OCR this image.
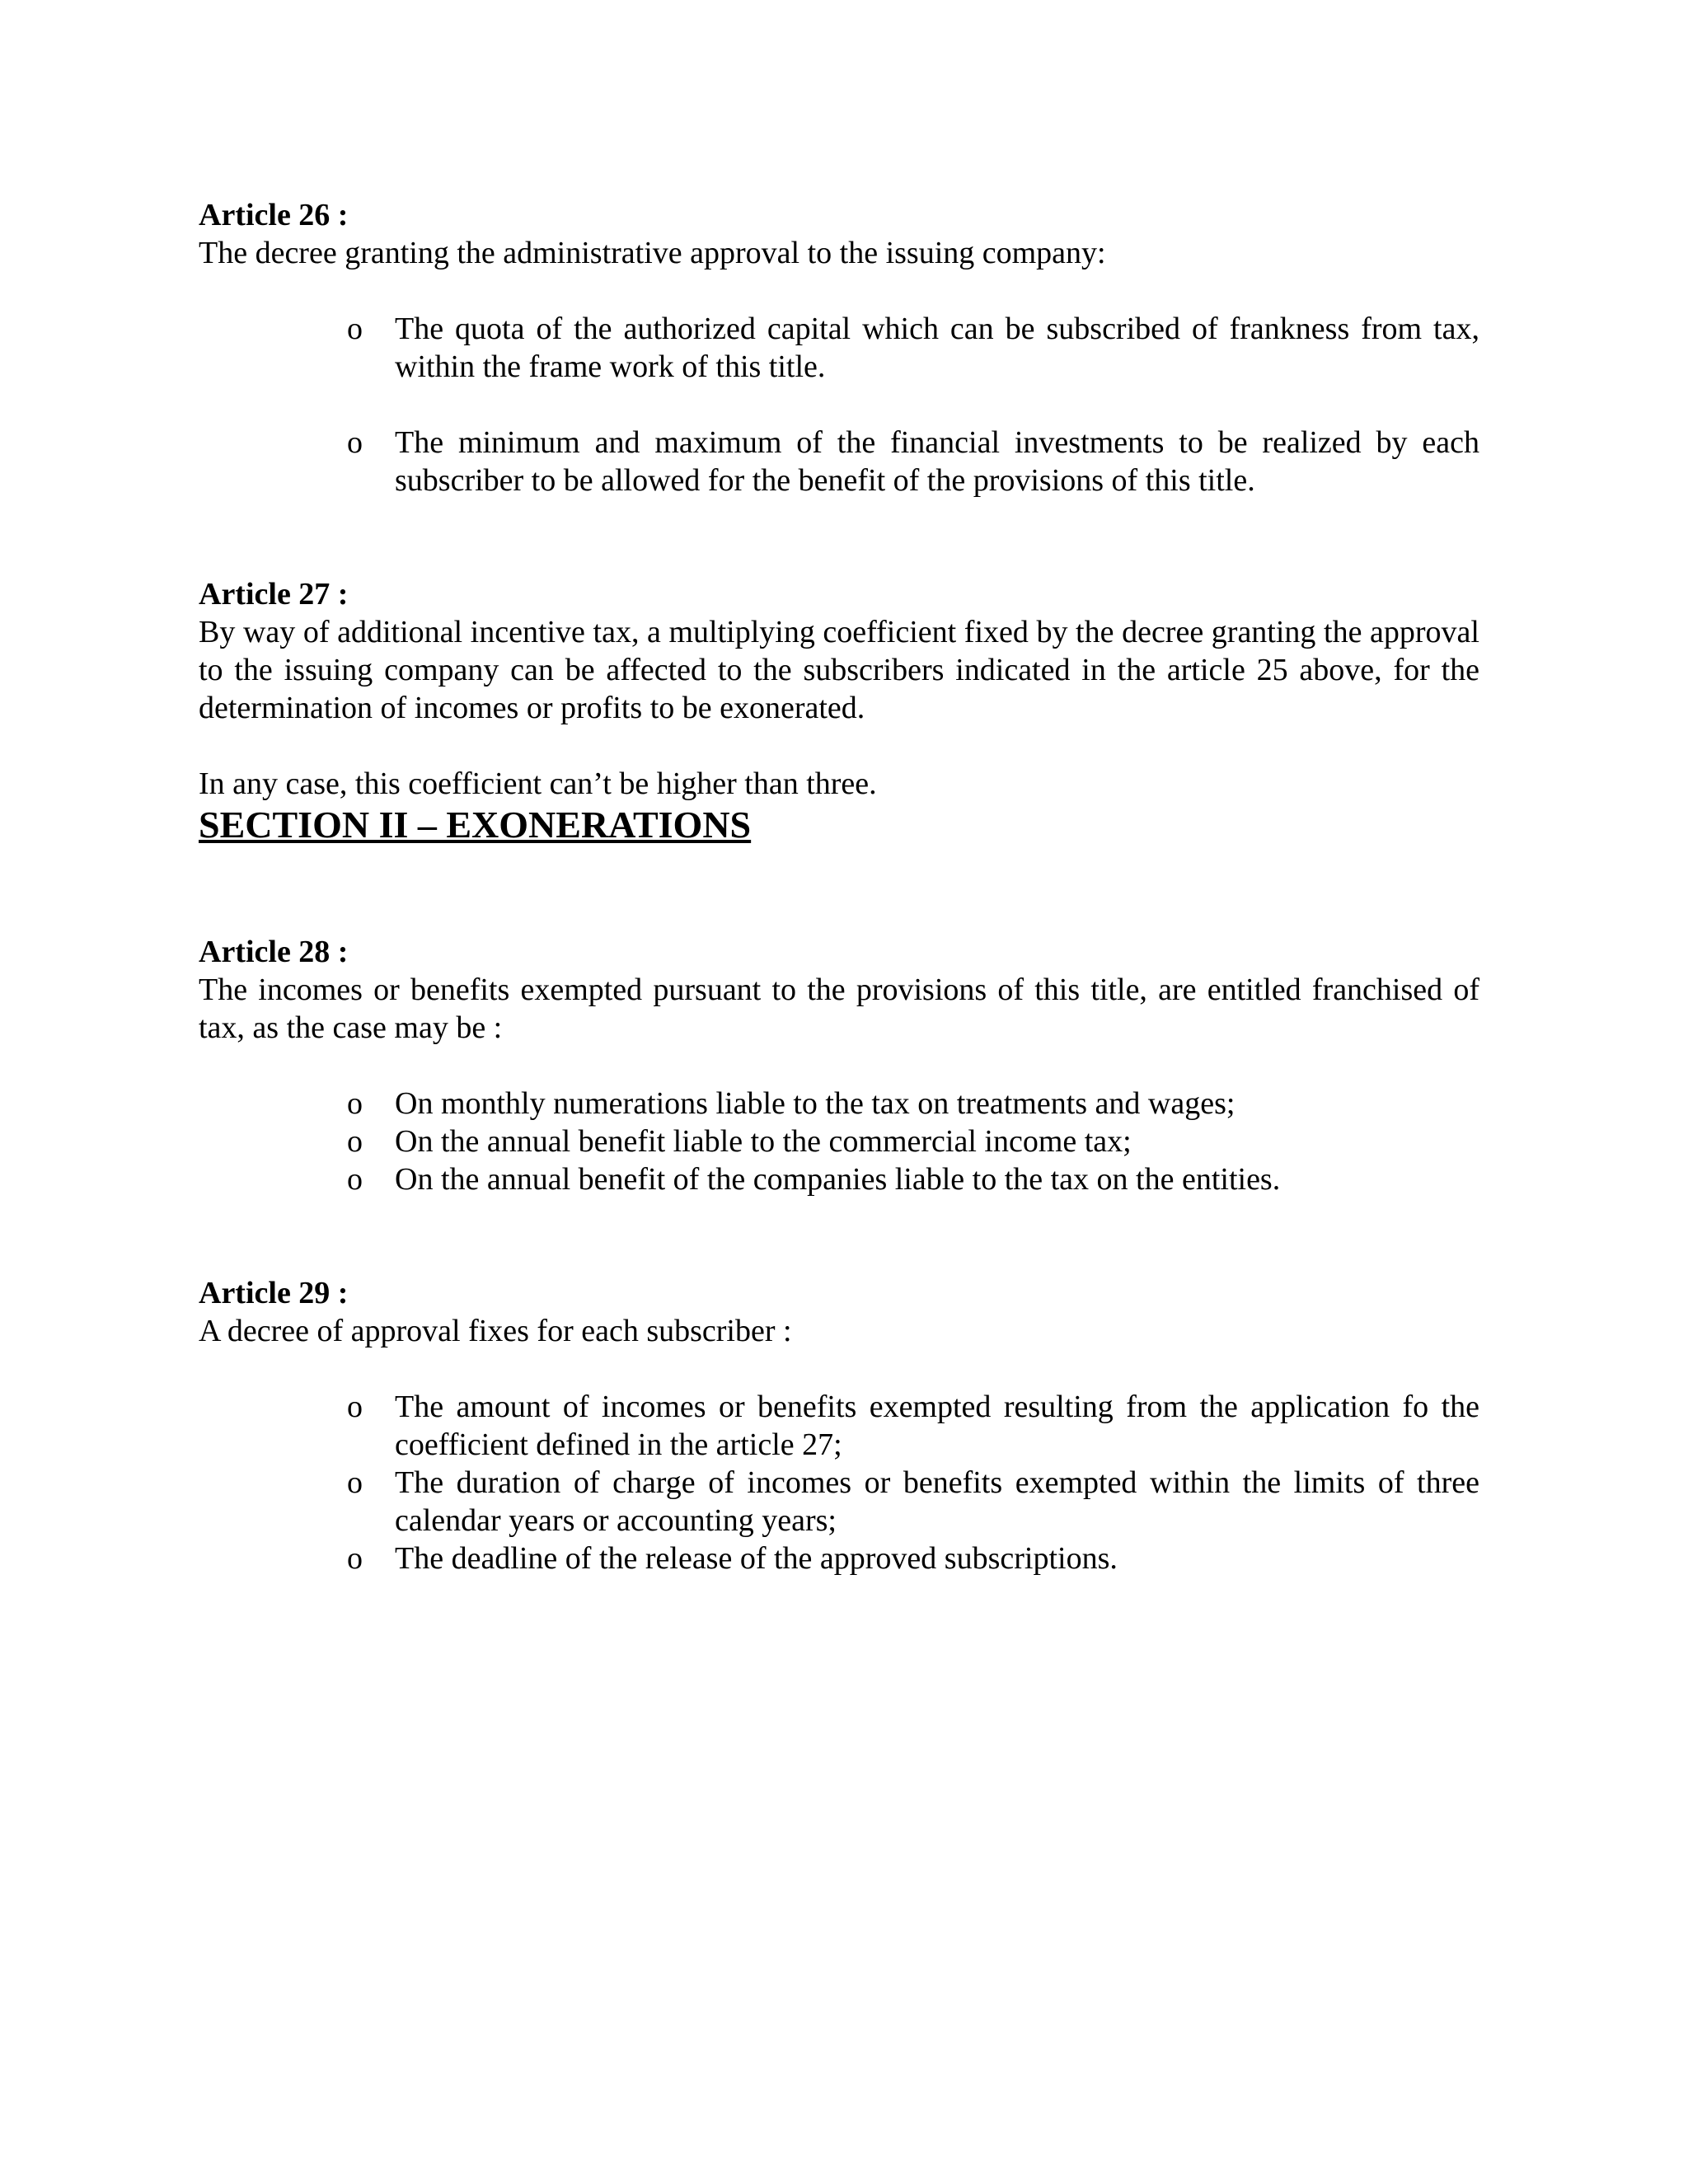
Article 26 :

The decree granting the administrative approval to the issuing company:

o The quota of the authorized capital which can be subscribed of frankness from tax, within the frame work of this title.
o The minimum and maximum of the financial investments to be realized by each subscriber to be allowed for the benefit of the provisions of this title.

Article 27 :

By way of additional incentive tax, a multiplying coefficient fixed by the decree granting the approval to the issuing company can be affected to the subscribers indicated in the article 25 above, for the determination of incomes or profits to be exonerated.

In any case, this coefficient can’t be higher than three.

SECTION II – EXONERATIONS

Article 28 :

The incomes or benefits exempted pursuant to the provisions of this title, are entitled franchised of tax, as the case may be :

o On monthly numerations liable to the tax on treatments and wages;
o On the annual benefit liable to the commercial income tax;
o On the annual benefit of the companies liable to the tax on the entities.

Article 29 :

A decree of approval fixes for each subscriber :

o The amount of incomes or benefits exempted resulting from the application fo the coefficient defined in the article 27;
o The duration of charge of incomes or benefits exempted within the limits of three calendar years or accounting years;
o The deadline of the release of the approved subscriptions.
